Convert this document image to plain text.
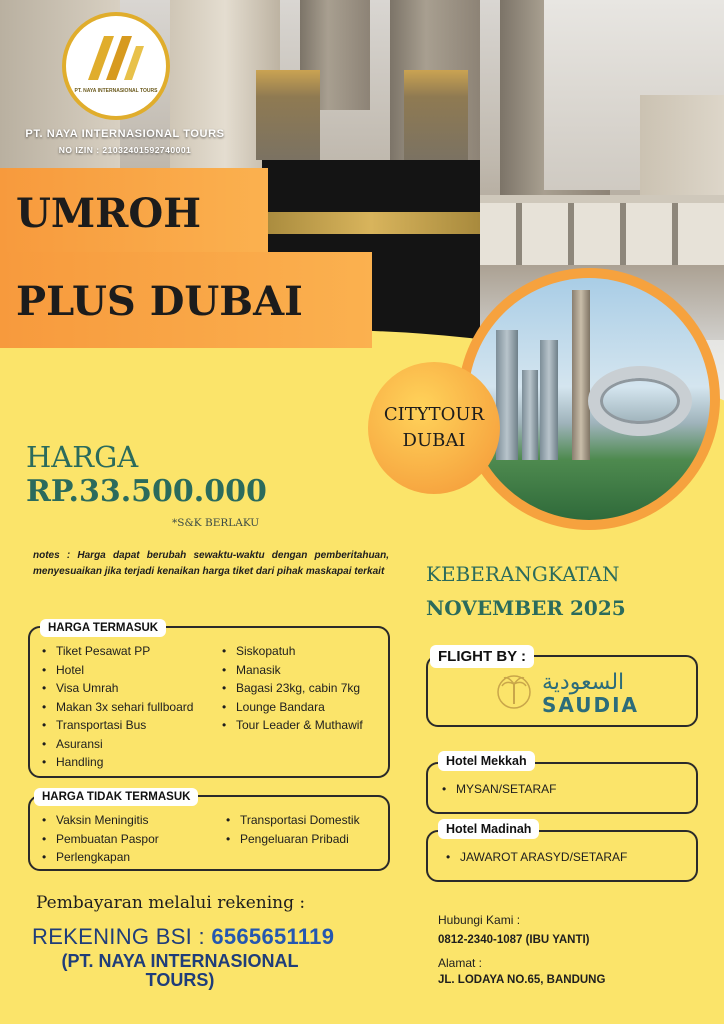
PT. NAYA INTERNASIONAL TOURS
PT. NAYA INTERNASIONAL TOURS
NO IZIN : 21032401592740001
UMROH
PLUS DUBAI
CITYTOUR
DUBAI
HARGA
RP.33.500.000
*S&K BERLAKU
notes : Harga dapat berubah sewaktu-waktu dengan pemberitahuan, menyesuaikan jika terjadi kenaikan harga tiket dari pihak maskapai terkait KEBERANGKATAN
NOVEMBER 2025
HARGA TERMASUK
• Tiket Pesawat PP
• Hotel
• Visa Umrah
• Makan 3x sehari fullboard
• Transportasi Bus
• Asuransi
• Handling
• Siskopatuh
• Manasik
• Bagasi 23kg, cabin 7kg
• Lounge Bandara
• Tour Leader & Muthawif
HARGA TIDAK TERMASUK
• Vaksin Meningitis
• Pembuatan Paspor
• Perlengkapan
• Transportasi Domestik
• Pengeluaran Pribadi
FLIGHT BY :
السعودية
SAUDIA
• MYSAN/SETARAF
Hotel Mekkah
• JAWAROT ARASYD/SETARAF
Hotel Madinah
Pembayaran melalui rekening :
REKENING BSI : 6565651119
(PT. NAYA INTERNASIONAL TOURS)
Hubungi Kami :
0812-2340-1087 (IBU YANTI)
Alamat :
JL. LODAYA NO.65, BANDUNG
